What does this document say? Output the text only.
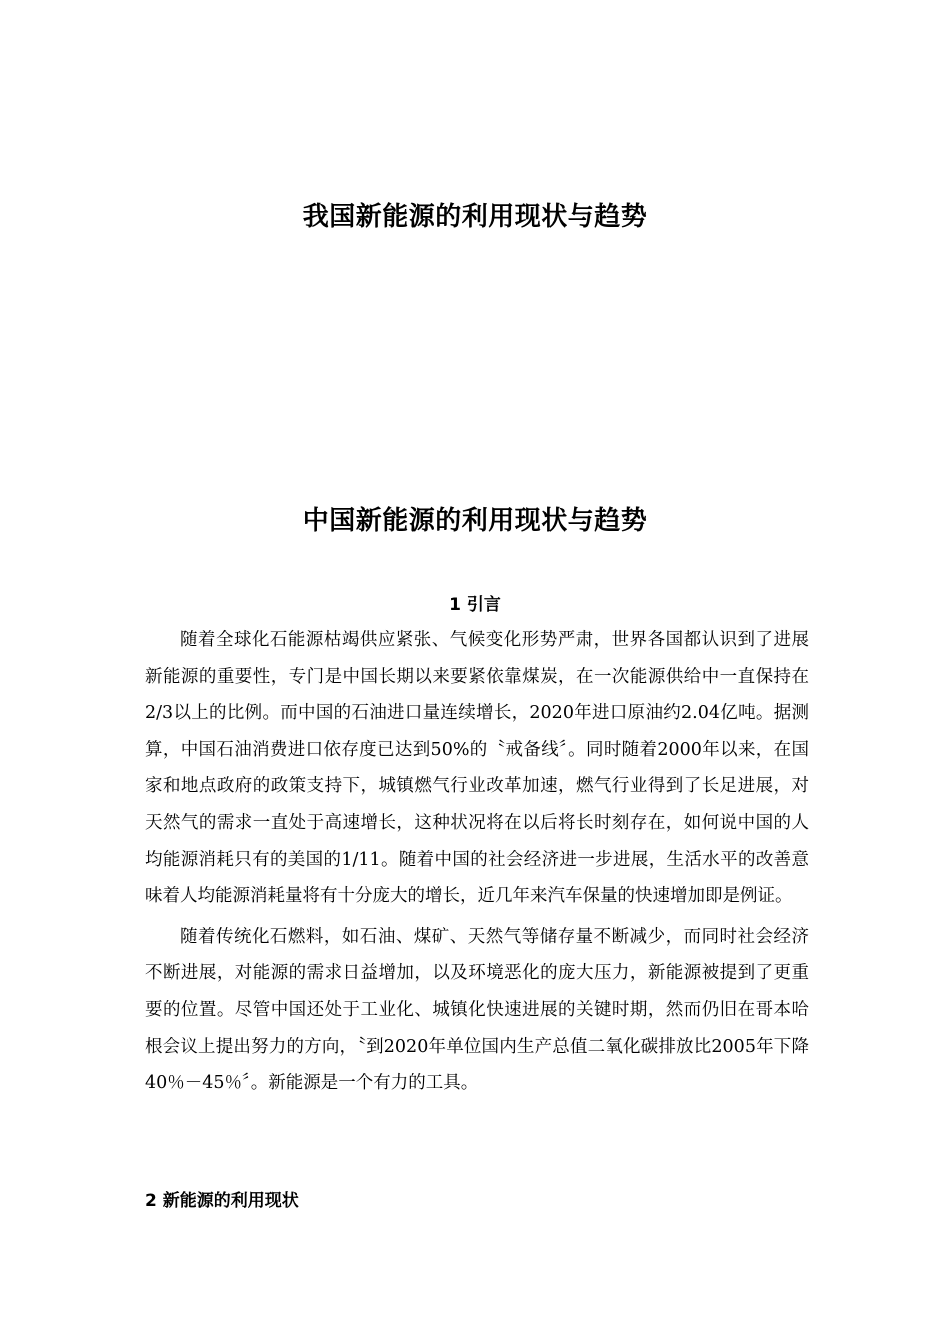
我国新能源的利用现状与趋势
中国新能源的利用现状与趋势
1 引言

随着全球化石能源枯竭供应紧张、气候变化形势严肃，世界各国都认识到了进展新能源的重要性，专门是中国长期以来要紧依靠煤炭，在一次能源供给中一直保持在2/3以上的比例。而中国的石油进口量连续增长，2020年进口原油约2.04亿吨。据测算，中国石油消费进口依存度已达到50%的〝戒备线〞。同时随着2000年以来，在国家和地点政府的政策支持下，城镇燃气行业改革加速，燃气行业得到了长足进展，对天然气的需求一直处于高速增长，这种状况将在以后将长时刻存在，如何说中国的人均能源消耗只有的美国的1/11。随着中国的社会经济进一步进展，生活水平的改善意味着人均能源消耗量将有十分庞大的增长，近几年来汽车保量的快速增加即是例证。

随着传统化石燃料，如石油、煤矿、天然气等储存量不断减少，而同时社会经济不断进展，对能源的需求日益增加，以及环境恶化的庞大压力，新能源被提到了更重要的位置。尽管中国还处于工业化、城镇化快速进展的关键时期，然而仍旧在哥本哈根会议上提出努力的方向，〝到2020年单位国内生产总值二氧化碳排放比2005年下降40％－45％〞。新能源是一个有力的工具。

2 新能源的利用现状
